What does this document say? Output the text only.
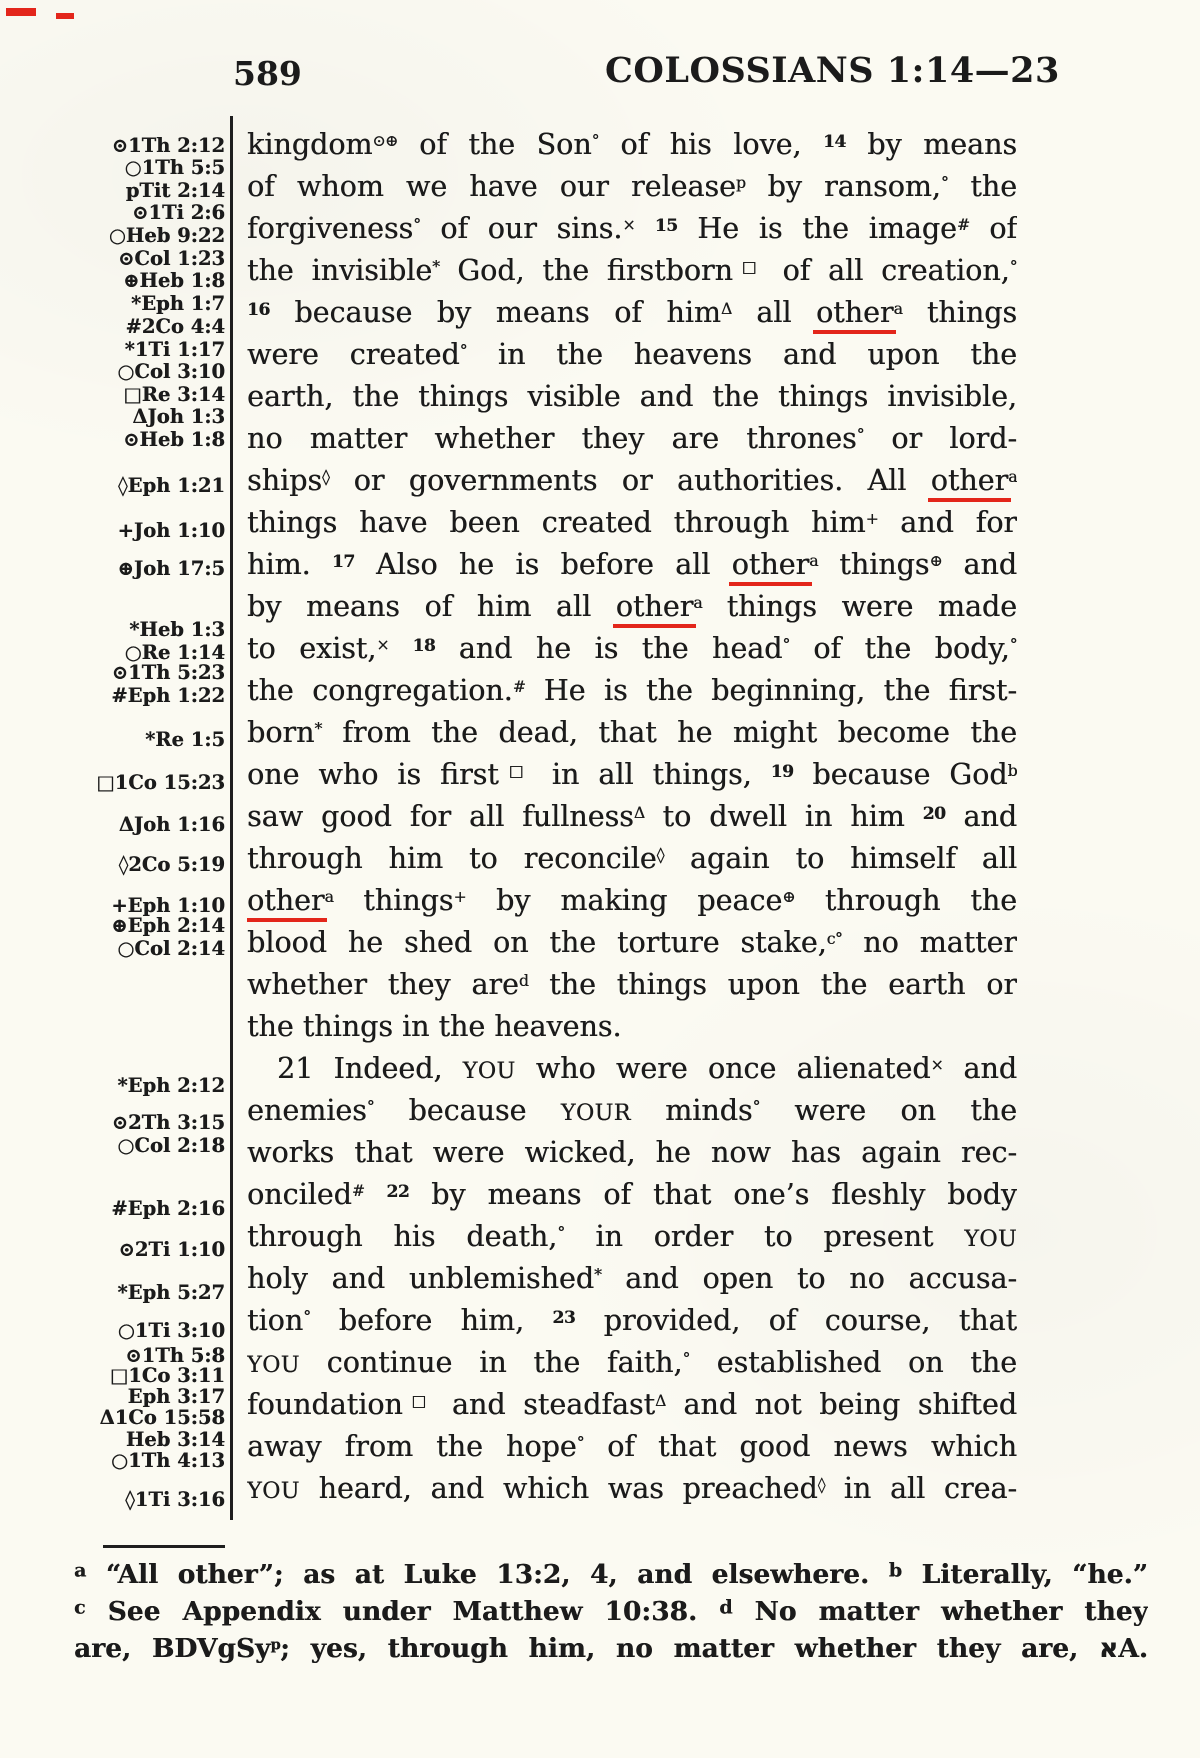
589	COLOSSIANS 1:14—23
⊙1Th 2:12
○1Th 5:5
pTit 2:14
⊙1Ti 2:6
○Heb 9:22
⊙Col 1:23
⊕Heb 1:8
*Eph 1:7
#2Co 4:4
*1Ti 1:17
○Col 3:10
□Re 3:14
ΔJoh 1:3
⊙Heb 1:8
◊Eph 1:21
+Joh 1:10
⊕Joh 17:5
*Heb 1:3
○Re 1:14
⊙1Th 5:23
#Eph 1:22
*Re 1:5
□1Co 15:23
ΔJoh 1:16
◊2Co 5:19
+Eph 1:10
⊕Eph 2:14
○Col 2:14
*Eph 2:12
⊙2Th 3:15
○Col 2:18
#Eph 2:16
⊙2Ti 1:10
*Eph 5:27
○1Ti 3:10
⊙1Th 5:8
□1Co 3:11
Eph 3:17
Δ1Co 15:58
Heb 3:14
○1Th 4:13
◊1Ti 3:16
kingdom⊙⊕ of the Son° of his love, $^{14}$ by means
of whom we have our release$^p$ by ransom,° the
forgiveness° of our sins.× $^{15}$ He is the image# of
the invisible* God, the firstborn□ of all creation,°
$^{16}$ because by means of him$^\Delta$ all other$^a$ things
were created° in the heavens and upon the
earth, the things visible and the things invisible,
no matter whether they are thrones° or lord-
ships◊ or governments or authorities. All other$^a$
things have been created through him+ and for
him. $^{17}$ Also he is before all other$^a$ things⊕ and
by means of him all other$^a$ things were made
to exist,× $^{18}$ and he is the head° of the body,°
the congregation.# He is the beginning, the first-
born* from the dead, that he might become the
one who is first□ in all things, $^{19}$ because God$^b$
saw good for all fullness$^\Delta$ to dwell in him $^{20}$ and
through him to reconcile◊ again to himself all
other$^a$ things+ by making peace⊕ through the
blood he shed on the torture stake,$^{c^\circ}$ no matter
whether they are$^d$ the things upon the earth or
the things in the heavens.
21 Indeed, YOU who were once alienated× and
enemies° because YOUR minds° were on the
works that were wicked, he now has again rec-
onciled# $^{22}$ by means of that one’s fleshly body
through his death,° in order to present YOU
holy and unblemished* and open to no accusa-
tion° before him, $^{23}$ provided, of course, that
YOU continue in the faith,° established on the
foundation□ and steadfast$^\Delta$ and not being shifted
away from the hope° of that good news which
YOU heard, and which was preached◊ in all crea-
$^a$ “All other”; as at Luke 13:2, 4, and elsewhere. $^b$ Literally, “he.”
$^c$ See Appendix under Matthew 10:38. $^d$ No matter whether they
are, BDVgSy$^p$; yes, through him, no matter whether they are, אA.
